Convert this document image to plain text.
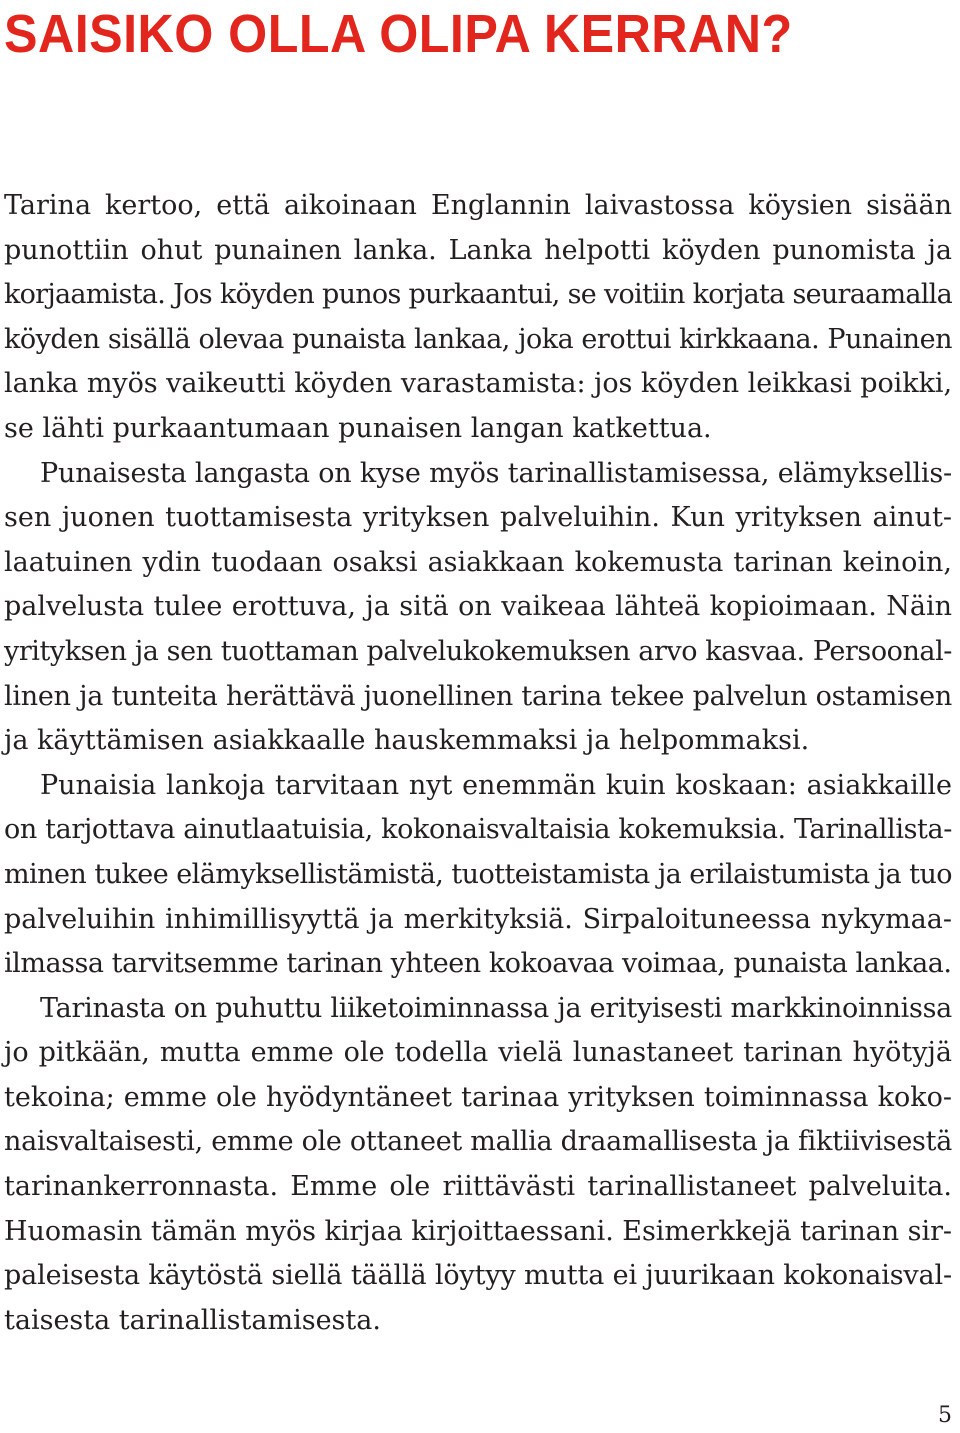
SAISIKO OLLA OLIPA KERRAN?
Tarina kertoo, että aikoinaan Englannin laivastossa köysien sisään
punottiin ohut punainen lanka. Lanka helpotti köyden punomista ja
korjaamista. Jos köyden punos purkaantui, se voitiin korjata seuraamalla
köyden sisällä olevaa punaista lankaa, joka erottui kirkkaana. Punainen
lanka myös vaikeutti köyden varastamista: jos köyden leikkasi poikki,
se lähti purkaantumaan punaisen langan katkettua.
Punaisesta langasta on kyse myös tarinallistamisessa, elämyksellis-
sen juonen tuottamisesta yrityksen palveluihin. Kun yrityksen ainut-
laatuinen ydin tuodaan osaksi asiakkaan kokemusta tarinan keinoin,
palvelusta tulee erottuva, ja sitä on vaikeaa lähteä kopioimaan. Näin
yrityksen ja sen tuottaman palvelukokemuksen arvo kasvaa. Persoonal-
linen ja tunteita herättävä juonellinen tarina tekee palvelun ostamisen
ja käyttämisen asiakkaalle hauskemmaksi ja helpommaksi.
Punaisia lankoja tarvitaan nyt enemmän kuin koskaan: asiakkaille
on tarjottava ainutlaatuisia, kokonaisvaltaisia kokemuksia. Tarinallista-
minen tukee elämyksellistämistä, tuotteistamista ja erilaistumista ja tuo
palveluihin inhimillisyyttä ja merkityksiä. Sirpaloituneessa nykymaa-
ilmassa tarvitsemme tarinan yhteen kokoavaa voimaa, punaista lankaa.
Tarinasta on puhuttu liiketoiminnassa ja erityisesti markkinoinnissa
jo pitkään, mutta emme ole todella vielä lunastaneet tarinan hyötyjä
tekoina; emme ole hyödyntäneet tarinaa yrityksen toiminnassa koko-
naisvaltaisesti, emme ole ottaneet mallia draamallisesta ja fiktiivisestä
tarinankerronnasta. Emme ole riittävästi tarinallistaneet palveluita.
Huomasin tämän myös kirjaa kirjoittaessani. Esimerkkejä tarinan sir-
paleisesta käytöstä siellä täällä löytyy mutta ei juurikaan kokonaisval-
taisesta tarinallistamisesta.
5
